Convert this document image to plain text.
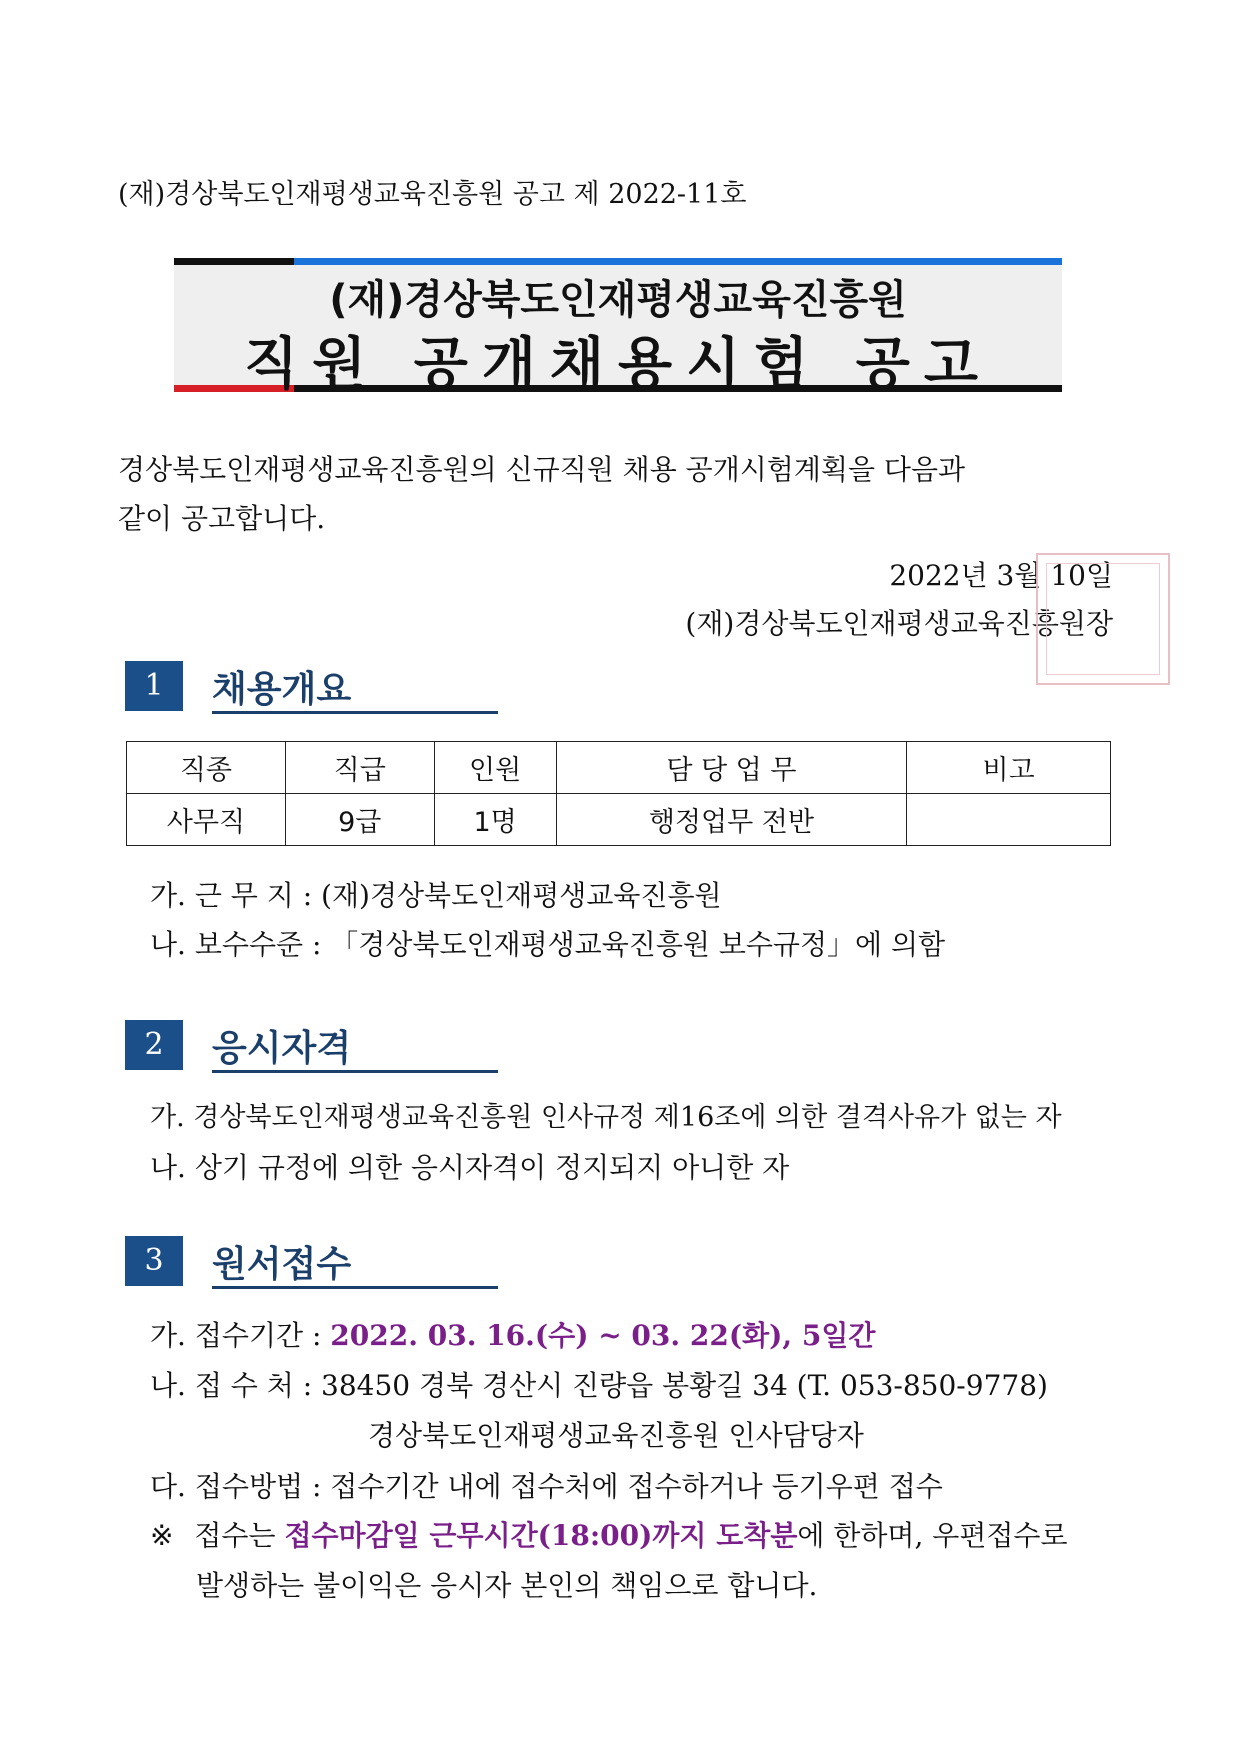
(재)경상북도인재평생교육진흥원 공고 제 2022-11호
(재)경상북도인재평생교육진흥원
직원 공개채용시험 공고
경상북도인재평생교육진흥원의 신규직원 채용 공개시험계획을 다음과
같이 공고합니다.
2022년 3월 10일
(재)경상북도인재평생교육진흥원장
1	채용개요
직종	직급	인원	담 당 업 무	비고
사무직	9급	1명	행정업무 전반	
가. 근 무 지 : (재)경상북도인재평생교육진흥원
나. 보수수준 : 「경상북도인재평생교육진흥원 보수규정」에 의함
2	응시자격
가. 경상북도인재평생교육진흥원 인사규정 제16조에 의한 결격사유가 없는 자
나. 상기 규정에 의한 응시자격이 정지되지 아니한 자
3	원서접수
가. 접수기간 : 2022. 03. 16.(수) ~ 03. 22(화), 5일간
나. 접 수 처 : 38450 경북 경산시 진량읍 봉황길 34 (T. 053-850-9778)
경상북도인재평생교육진흥원 인사담당자
다. 접수방법 : 접수기간 내에 접수처에 접수하거나 등기우편 접수
※ 접수는 접수마감일 근무시간(18:00)까지 도착분에 한하며, 우편접수로
발생하는 불이익은 응시자 본인의 책임으로 합니다.
